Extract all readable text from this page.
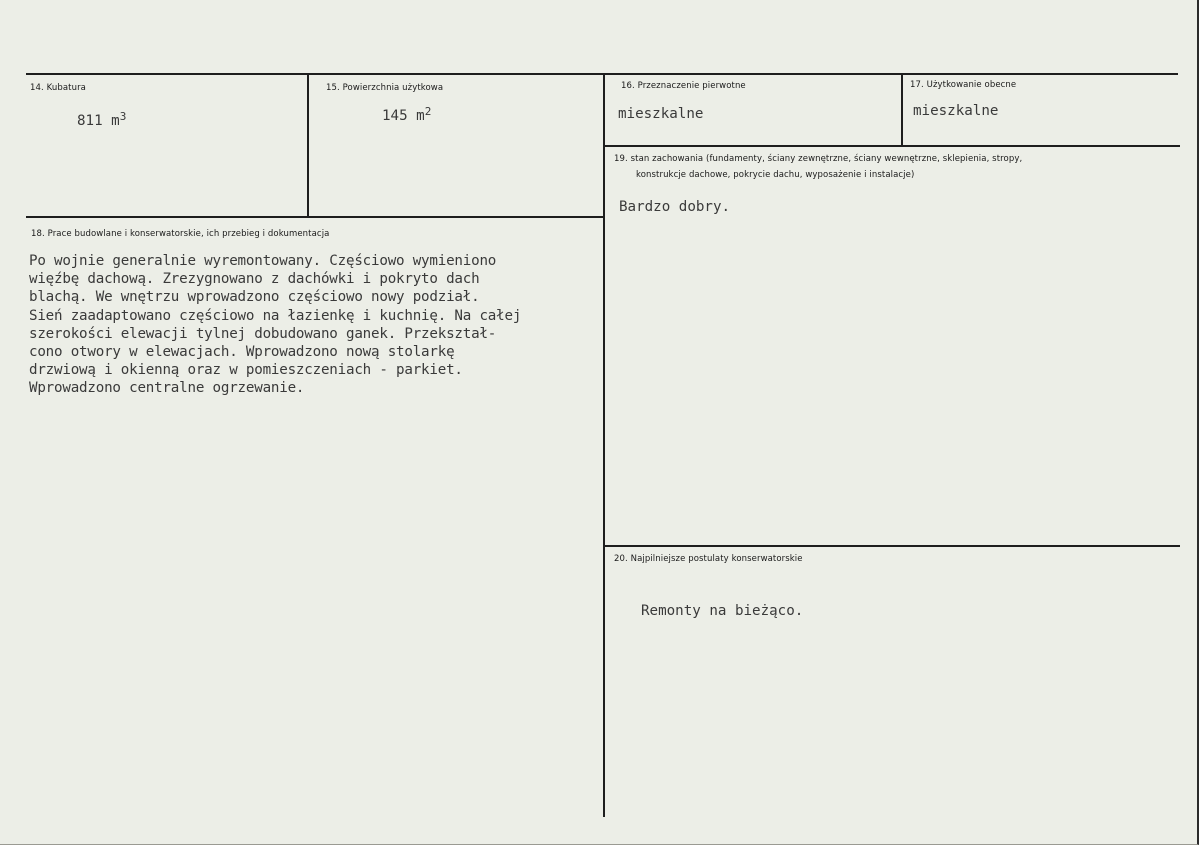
14. Kubatura
811 $m^3$
15. Powierzchnia użytkowa
145 $m^2$
16. Przeznaczenie pierwotne
mieszkalne
17. Użytkowanie obecne
mieszkalne
18. Prace budowlane i konserwatorskie, ich przebieg i dokumentacja
Po wojnie generalnie wyremontowany. Częściowo wymieniono
więźbę dachową. Zrezygnowano z dachówki i pokryto dach
blachą. We wnętrzu wprowadzono częściowo nowy podział.
Sień zaadaptowano częściowo na łazienkę i kuchnię. Na całej
szerokości elewacji tylnej dobudowano ganek. Przekształ-
cono otwory w elewacjach. Wprowadzono nową stolarkę
drzwiową i okienną oraz w pomieszczeniach - parkiet.
Wprowadzono centralne ogrzewanie.
19. stan zachowania (fundamenty, ściany zewnętrzne, ściany wewnętrzne, sklepienia, stropy,
konstrukcje dachowe, pokrycie dachu, wyposażenie i instalacje)
Bardzo dobry.
20. Najpilniejsze postulaty konserwatorskie
Remonty na bieżąco.
